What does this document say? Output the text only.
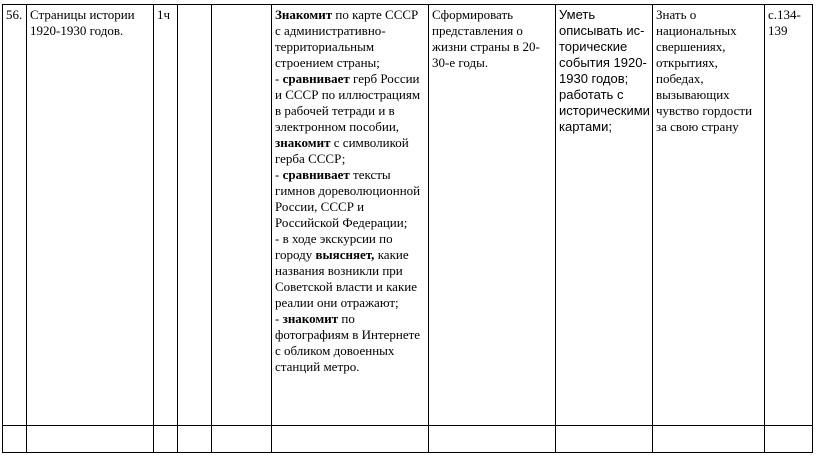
56.	Страницы истории 1920-1930 годов.	1ч			Знакомит по карте СССР с административно-территориальным строением страны;
- сравнивает герб России и СССР по иллюстрациям в рабочей тетради и в электронном пособии, знакомит с символикой герба СССР;
- сравнивает тексты гимнов дореволюционной России, СССР и Российской Федерации;
- в ходе экскурсии по городу выясняет, какие названия возникли при Советской власти и какие реалии они отражают;
- знакомит по фотографиям в Интернете с обликом довоенных станций метро.	Сформировать представления о жизни страны в 20-30-е годы.	Уметь описывать ис-торические события 1920-1930 годов; работать с историческими картами;	Знать о национальных свершениях, открытиях, победах, вызывающих чувство гордости за свою страну	с.134-139
